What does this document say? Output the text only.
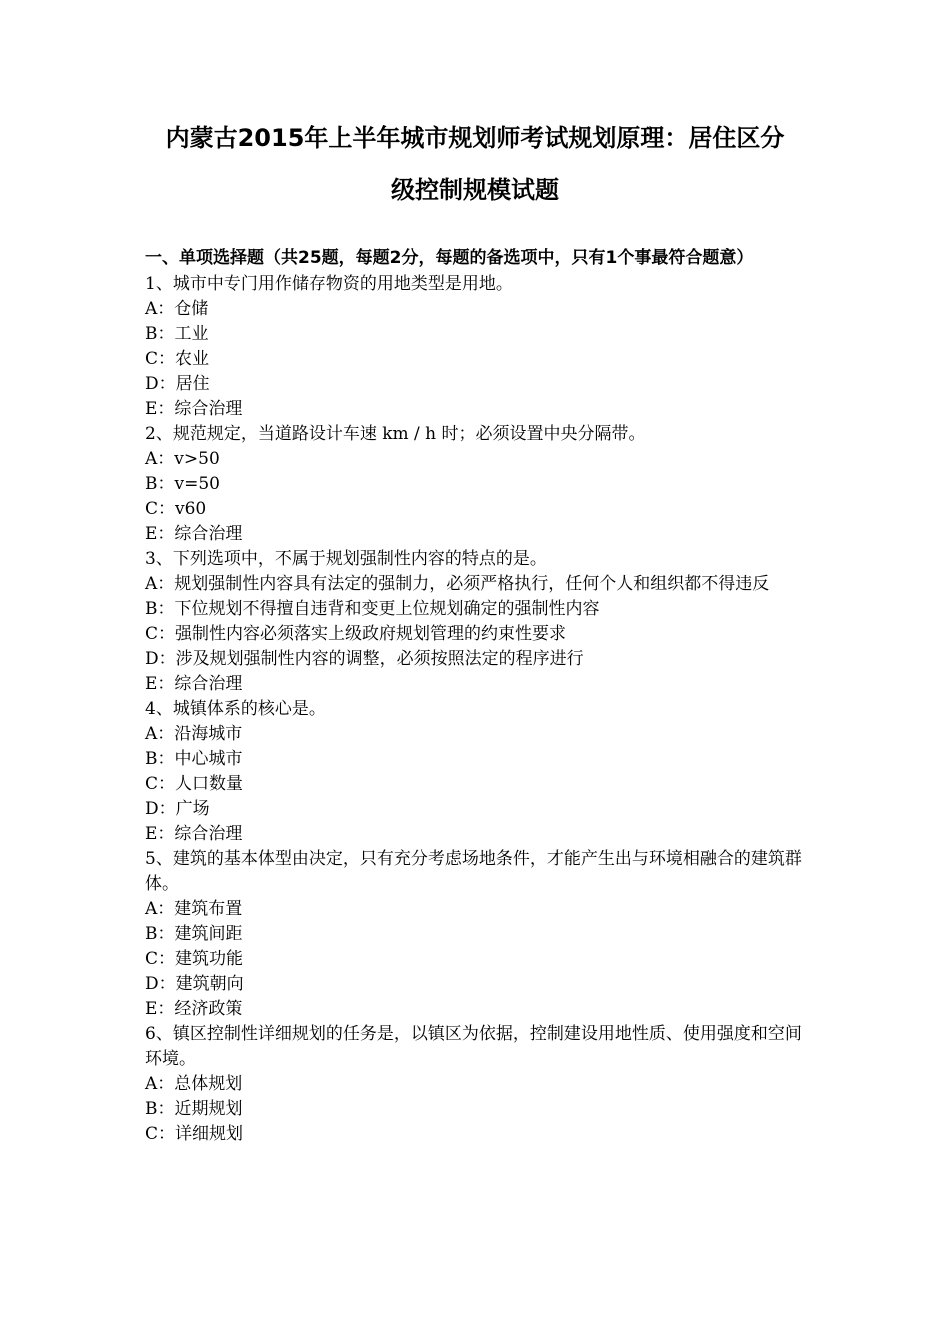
内蒙古2015年上半年城市规划师考试规划原理：居住区分
级控制规模试题
一、单项选择题（共25题，每题2分，每题的备选项中，只有1个事最符合题意）
1、城市中专门用作储存物资的用地类型是用地。
A：仓储
B：工业
C：农业
D：居住
E：综合治理
2、规范规定，当道路设计车速 km / h 时；必须设置中央分隔带。
A：v>50
B：v=50
C：v60
E：综合治理
3、下列选项中，不属于规划强制性内容的特点的是。
A：规划强制性内容具有法定的强制力，必须严格执行，任何个人和组织都不得违反
B：下位规划不得擅自违背和变更上位规划确定的强制性内容
C：强制性内容必须落实上级政府规划管理的约束性要求
D：涉及规划强制性内容的调整，必须按照法定的程序进行
E：综合治理
4、城镇体系的核心是。
A：沿海城市
B：中心城市
C：人口数量
D：广场
E：综合治理
5、建筑的基本体型由决定，只有充分考虑场地条件，才能产生出与环境相融合的建筑群体。
A：建筑布置
B：建筑间距
C：建筑功能
D：建筑朝向
E：经济政策
6、镇区控制性详细规划的任务是，以镇区为依据，控制建设用地性质、使用强度和空间环境。
A：总体规划
B：近期规划
C：详细规划
